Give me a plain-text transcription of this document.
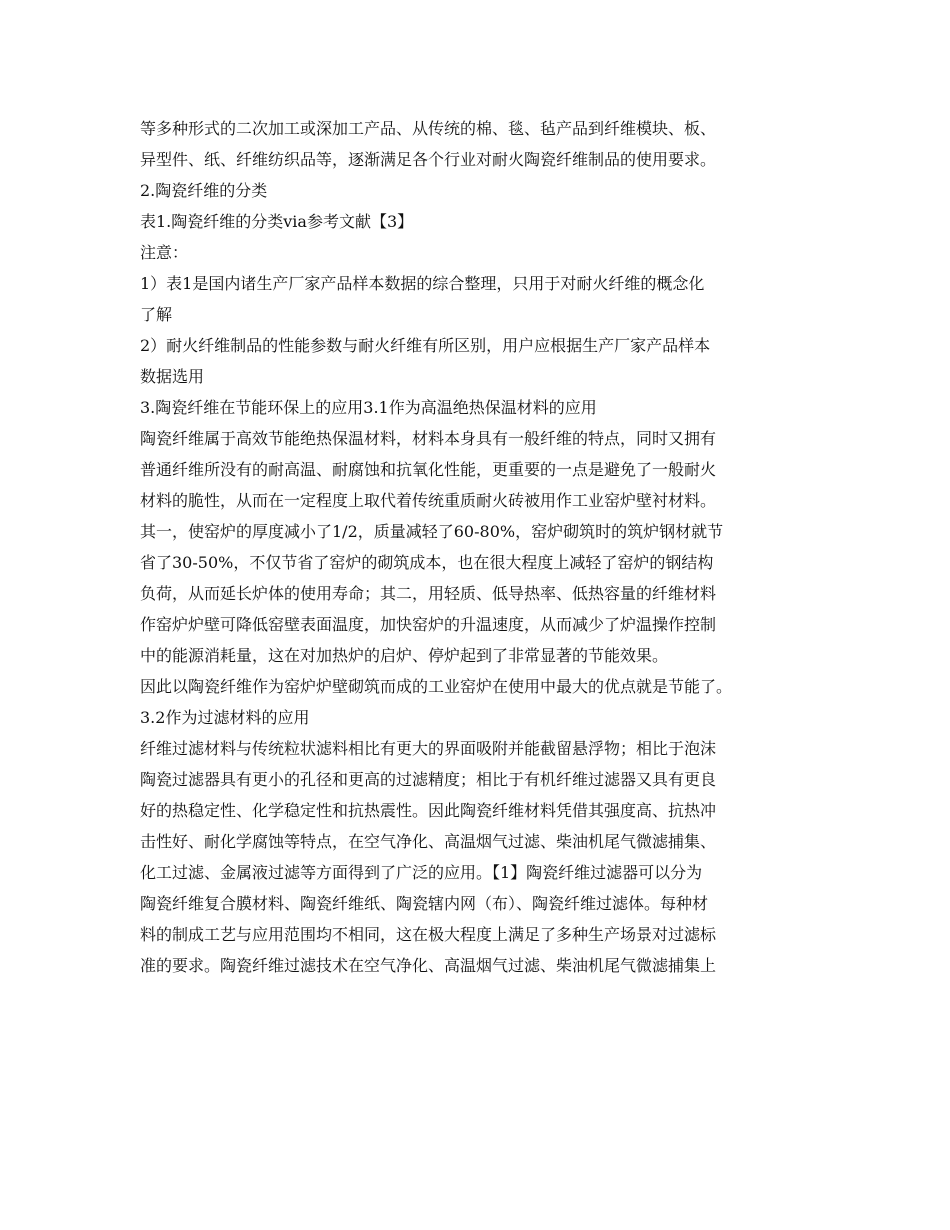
等多种形式的二次加工或深加工产品、从传统的棉、毯、毡产品到纤维模块、板、
异型件、纸、纤维纺织品等，逐渐满足各个行业对耐火陶瓷纤维制品的使用要求。
2.陶瓷纤维的分类
表1.陶瓷纤维的分类via参考文献【3】
注意：
1）表1是国内诸生产厂家产品样本数据的综合整理，只用于对耐火纤维的概念化
了解
2）耐火纤维制品的性能参数与耐火纤维有所区别，用户应根据生产厂家产品样本
数据选用
3.陶瓷纤维在节能环保上的应用3.1作为高温绝热保温材料的应用
陶瓷纤维属于高效节能绝热保温材料，材料本身具有一般纤维的特点，同时又拥有
普通纤维所没有的耐高温、耐腐蚀和抗氧化性能，更重要的一点是避免了一般耐火
材料的脆性，从而在一定程度上取代着传统重质耐火砖被用作工业窑炉壁衬材料。
其一，使窑炉的厚度减小了1/2，质量减轻了60-80%，窑炉砌筑时的筑炉钢材就节
省了30-50%，不仅节省了窑炉的砌筑成本，也在很大程度上减轻了窑炉的钢结构
负荷，从而延长炉体的使用寿命；其二，用轻质、低导热率、低热容量的纤维材料
作窑炉炉壁可降低窑壁表面温度，加快窑炉的升温速度，从而减少了炉温操作控制
中的能源消耗量，这在对加热炉的启炉、停炉起到了非常显著的节能效果。
因此以陶瓷纤维作为窑炉炉壁砌筑而成的工业窑炉在使用中最大的优点就是节能了。
3.2作为过滤材料的应用
纤维过滤材料与传统粒状滤料相比有更大的界面吸附并能截留悬浮物；相比于泡沫
陶瓷过滤器具有更小的孔径和更高的过滤精度；相比于有机纤维过滤器又具有更良
好的热稳定性、化学稳定性和抗热震性。因此陶瓷纤维材料凭借其强度高、抗热冲
击性好、耐化学腐蚀等特点，在空气净化、高温烟气过滤、柴油机尾气微滤捕集、
化工过滤、金属液过滤等方面得到了广泛的应用。【1】陶瓷纤维过滤器可以分为
陶瓷纤维复合膜材料、陶瓷纤维纸、陶瓷辖内网（布）、陶瓷纤维过滤体。每种材
料的制成工艺与应用范围均不相同，这在极大程度上满足了多种生产场景对过滤标
准的要求。陶瓷纤维过滤技术在空气净化、高温烟气过滤、柴油机尾气微滤捕集上
